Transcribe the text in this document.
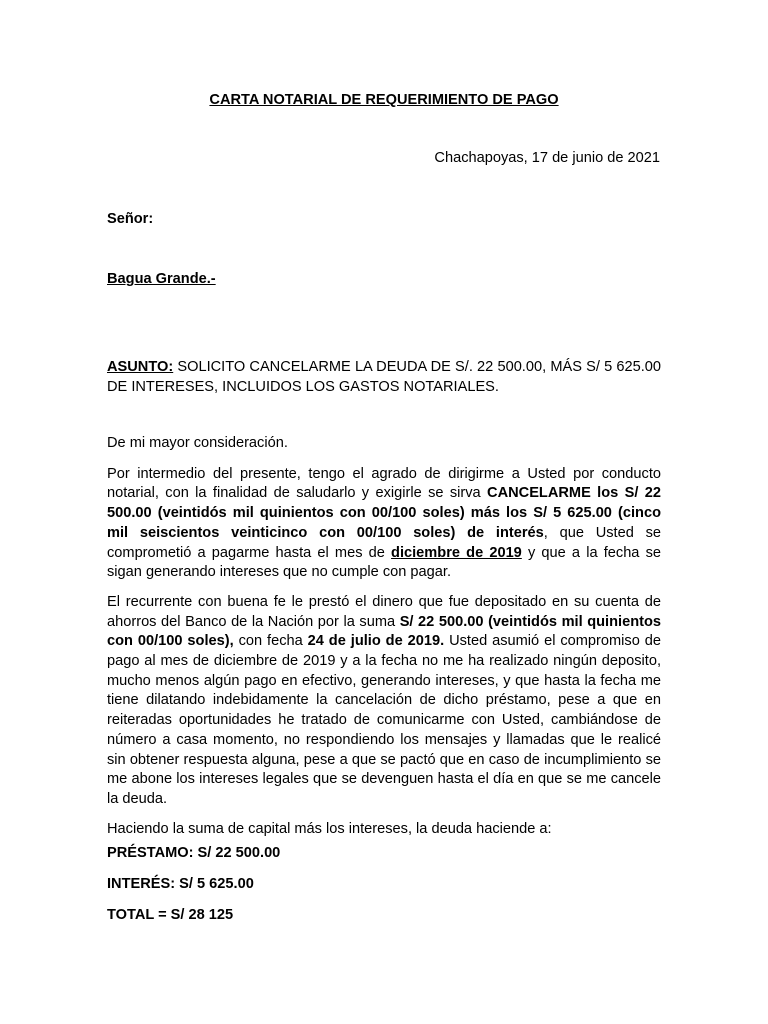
CARTA NOTARIAL DE REQUERIMIENTO DE PAGO
Chachapoyas, 17 de junio de 2021
Señor:
Bagua Grande.-
ASUNTO: SOLICITO CANCELARME LA DEUDA DE S/. 22 500.00, MÁS S/ 5 625.00 DE INTERESES, INCLUIDOS LOS GASTOS NOTARIALES.

De mi mayor consideración.

Por intermedio del presente, tengo el agrado de dirigirme a Usted por conducto notarial, con la finalidad de saludarlo y exigirle se sirva CANCELARME los S/ 22 500.00 (veintidós mil quinientos con 00/100 soles) más los S/ 5 625.00 (cinco mil seiscientos veinticinco con 00/100 soles) de interés, que Usted se comprometió a pagarme hasta el mes de diciembre de 2019 y que a la fecha se sigan generando intereses que no cumple con pagar.

El recurrente con buena fe le prestó el dinero que fue depositado en su cuenta de ahorros del Banco de la Nación por la suma S/ 22 500.00 (veintidós mil quinientos con 00/100 soles), con fecha 24 de julio de 2019. Usted asumió el compromiso de pago al mes de diciembre de 2019 y a la fecha no me ha realizado ningún deposito, mucho menos algún pago en efectivo, generando intereses, y que hasta la fecha me tiene dilatando indebidamente la cancelación de dicho préstamo, pese a que en reiteradas oportunidades he tratado de comunicarme con Usted, cambiándose de número a casa momento, no respondiendo los mensajes y llamadas que le realicé sin obtener respuesta alguna, pese a que se pactó que en caso de incumplimiento se me abone los intereses legales que se devenguen hasta el día en que se me cancele la deuda.

Haciendo la suma de capital más los intereses, la deuda haciende a:

PRÉSTAMO: S/ 22 500.00
INTERÉS: S/ 5 625.00
TOTAL = S/ 28 125
